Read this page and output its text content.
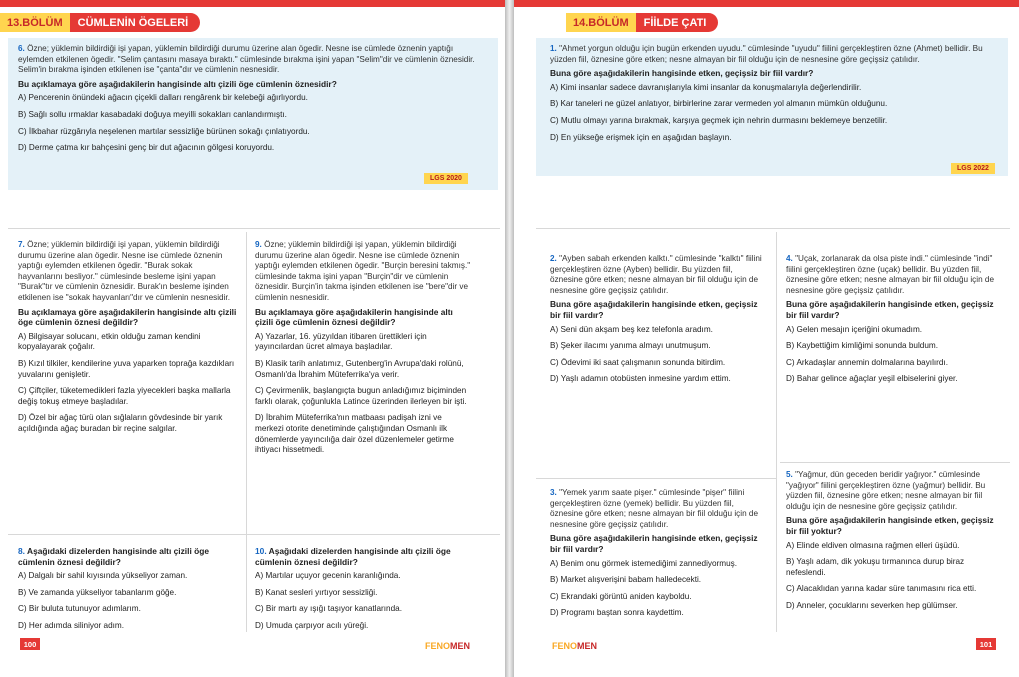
13.BÖLÜM	CÜMLENİN ÖGELERİ

6. Özne; yüklemin bildirdiği işi yapan, yüklemin bildirdiği durumu üzerine alan ögedir. Nesne ise cümlede öznenin yaptığı eylemden etkilenen ögedir. "Selim çantasını masaya bıraktı." cümlesinde bırakma işini yapan "Selim"dir ve cümlenin öznesidir. Selim'in bırakma işinden etkilenen ise "çanta"dır ve cümlenin nesnesidir.

Bu açıklamaya göre aşağıdakilerin hangisinde altı çizili öge cümlenin öznesidir?

A) Pencerenin önündeki ağacın çiçekli dalları rengârenk bir kelebeği ağırlıyordu.
B) Sağlı sollu ırmaklar kasabadaki doğuya meyilli sokakları canlandırmıştı.
C) İlkbahar rüzgârıyla neşelenen martılar sessizliğe bürünen sokağı çınlatıyordu.
D) Derme çatma kır bahçesini genç bir dut ağacının gölgesi koruyordu.
LGS 2020

7. Özne; yüklemin bildirdiği işi yapan, yüklemin bildirdiği durumu üzerine alan ögedir. Nesne ise cümlede öznenin yaptığı eylemden etkilenen ögedir. "Burak sokak hayvanlarını besliyor." cümlesinde besleme işini yapan "Burak"tır ve cümlenin öznesidir. Burak'ın besleme işinden etkilenen ise "sokak hayvanları"dır ve cümlenin nesnesidir.

Bu açıklamaya göre aşağıdakilerin hangisinde altı çizili öge cümlenin öznesi değildir?

A) Bilgisayar solucanı, etkin olduğu zaman kendini kopyalayarak çoğalır.
B) Kızıl tilkiler, kendilerine yuva yaparken toprağa kazdıkları yuvalarını genişletir.
C) Çiftçiler, tüketemedikleri fazla yiyecekleri başka mallarla değiş tokuş etmeye başladılar.
D) Özel bir ağaç türü olan sığlaların gövdesinde bir yarık açıldığında ağaç buradan bir reçine salgılar.

9. Özne; yüklemin bildirdiği işi yapan, yüklemin bildirdiği durumu üzerine alan ögedir. Nesne ise cümlede öznenin yaptığı eylemden etkilenen ögedir. "Burçin beresini takmış." cümlesinde takma işini yapan "Burçin"dir ve cümlenin öznesidir. Burçin'in takma işinden etkilenen ise "bere"dir ve cümlenin nesnesidir.

Bu açıklamaya göre aşağıdakilerin hangisinde altı çizili öge cümlenin öznesi değildir?

A) Yazarlar, 16. yüzyıldan itibaren ürettikleri için yayıncılardan ücret almaya başladılar.
B) Klasik tarih anlatımız, Gutenberg'in Avrupa'daki rolünü, Osmanlı'da İbrahim Müteferrika'ya verir.
C) Çevirmenlik, başlangıçta bugun anladığımız biçiminden farklı olarak, çoğunlukla Latince üzerinden ilerleyen bir işti.
D) İbrahim Müteferrika'nın matbaası padişah izni ve merkezi otorite denetiminde çalıştığından Osmanlı ilk dönemlerde yayıncılığa dair özel düzenlemeler getirme ihtiyacı hissetmedi.

8. Aşağıdaki dizelerden hangisinde altı çizili öge cümlenin öznesi değildir?

A) Dalgalı bir sahil kıyısında yükseliyor zaman.
B) Ve zamanda yükseliyor tabanlarım göğe.
C) Bir buluta tutunuyor adımlarım.
D) Her adımda siliniyor adım.

10. Aşağıdaki dizelerden hangisinde altı çizili öge cümlenin öznesi değildir?

A) Martılar uçuyor gecenin karanlığında.
B) Kanat sesleri yırtıyor sessizliği.
C) Bir martı ay ışığı taşıyor kanatlarında.
D) Umuda çarpıyor acılı yüreği.
100	FENOMEN
14.BÖLÜM	FİİLDE ÇATI

1. "Ahmet yorgun olduğu için bugün erkenden uyudu." cümlesinde "uyudu" fiilini gerçekleştiren özne (Ahmet) bellidir. Bu yüzden fiil, öznesine göre etken; nesne almayan bir fiil olduğu için de nesnesine göre geçişsiz çatılıdır.

Buna göre aşağıdakilerin hangisinde etken, geçişsiz bir fiil vardır?

A) Kimi insanlar sadece davranışlarıyla kimi insanlar da konuşmalarıyla değerlendirilir.
B) Kar taneleri ne güzel anlatıyor, birbirlerine zarar vermeden yol almanın mümkün olduğunu.
C) Mutlu olmayı yarına bırakmak, karşıya geçmek için nehrin durmasını beklemeye benzetilir.
D) En yükseğe erişmek için en aşağıdan başlayın.
LGS 2022

2. "Ayben sabah erkenden kalktı." cümlesinde "kalktı" fiilini gerçekleştiren özne (Ayben) bellidir. Bu yüzden fiil, öznesine göre etken; nesne almayan bir fiil olduğu için de nesnesine göre geçişsiz çatılıdır.

Buna göre aşağıdakilerin hangisinde etken, geçişsiz bir fiil vardır?

A) Seni dün akşam beş kez telefonla aradım.
B) Şeker ilacımı yanıma almayı unutmuşum.
C) Ödevimi iki saat çalışmanın sonunda bitirdim.
D) Yaşlı adamın otobüsten inmesine yardım ettim.

4. "Uçak, zorlanarak da olsa piste indi." cümlesinde "indi" fiilini gerçekleştiren özne (uçak) bellidir. Bu yüzden fiil, öznesine göre etken; nesne almayan bir fiil olduğu için de nesnesine göre geçişsiz çatılıdır.

Buna göre aşağıdakilerin hangisinde etken, geçişsiz bir fiil vardır?

A) Gelen mesajın içeriğini okumadım.
B) Kaybettiğim kimliğimi sonunda buldum.
C) Arkadaşlar annemin dolmalarına bayılırdı.
D) Bahar gelince ağaçlar yeşil elbiselerini giyer.

5. "Yağmur, dün geceden beridir yağıyor." cümlesinde "yağıyor" fiilini gerçekleştiren özne (yağmur) bellidir. Bu yüzden fiil, öznesine göre etken; nesne almayan bir fiil olduğu için de nesnesine göre geçişsiz çatılıdır.

Buna göre aşağıdakilerin hangisinde etken, geçişsiz bir fiil yoktur?

A) Elinde eldiven olmasına rağmen elleri üşüdü.
B) Yaşlı adam, dik yokuşu tırmanınca durup biraz nefeslendi.
C) Alacaklıdan yarına kadar süre tanımasını rica etti.
D) Anneler, çocuklarını severken hep gülümser.

3. "Yemek yarım saate pişer." cümlesinde "pişer" fiilini gerçekleştiren özne (yemek) bellidir. Bu yüzden fiil, öznesine göre etken; nesne almayan bir fiil olduğu için de nesnesine göre geçişsiz çatılıdır.

Buna göre aşağıdakilerin hangisinde etken, geçişsiz bir fiil vardır?

A) Benim onu görmek istemediğimi zannediyormuş.
B) Market alışverişini babam halledecekti.
C) Ekrandaki görüntü aniden kayboldu.
D) Programı baştan sonra kaydettim.
FENOMEN	101
